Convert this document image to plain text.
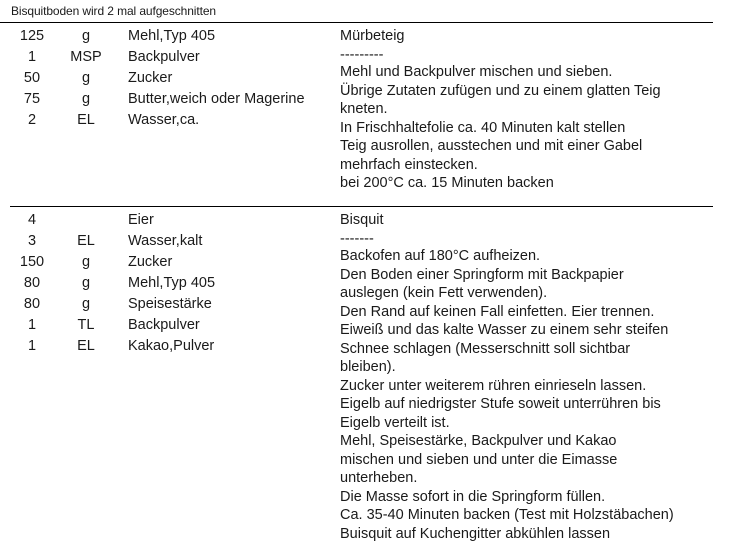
Bisquitboden wird 2 mal aufgeschnitten
125	g	Mehl,Typ 405
1	MSP Backpulver
50	g	Zucker
75	g	Butter,weich oder Magerine
2	EL	Wasser,ca.
Mürbeteig
---------
Mehl und Backpulver mischen und sieben.
Übrige Zutaten zufügen und zu einem glatten Teig
kneten.
In Frischhaltefolie ca. 40 Minuten kalt stellen
Teig ausrollen, ausstechen und mit einer Gabel
mehrfach einstecken.
bei 200°C ca. 15 Minuten backen
4	Eier
3	EL	Wasser,kalt
150	g	Zucker
80	g	Mehl,Typ 405
80	g	Speisestärke
1	TL	Backpulver
1	EL	Kakao,Pulver
Bisquit
-------
Backofen auf 180°C aufheizen.
Den Boden einer Springform mit Backpapier
auslegen (kein Fett verwenden).
Den Rand auf keinen Fall einfetten. Eier trennen.
Eiweiß und das kalte Wasser zu einem sehr steifen
Schnee schlagen (Messerschnitt soll sichtbar
bleiben).
Zucker unter weiterem rühren einrieseln lassen.
Eigelb auf niedrigster Stufe soweit unterrühren bis
Eigelb verteilt ist.
Mehl, Speisestärke, Backpulver und Kakao
mischen und sieben und unter die Eimasse
unterheben.
Die Masse sofort in die Springform füllen.
Ca. 35-40 Minuten backen (Test mit Holzstäbachen)
Buisquit auf Kuchengitter abkühlen lassen
